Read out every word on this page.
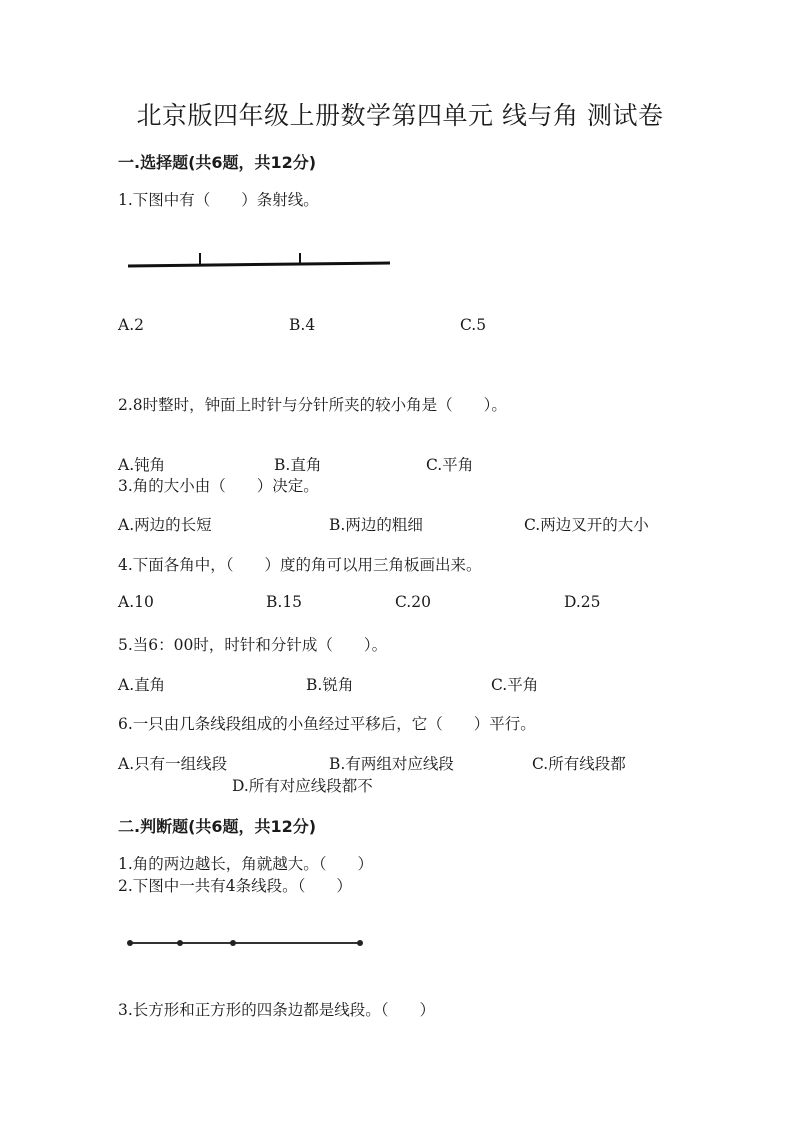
北京版四年级上册数学第四单元 线与角 测试卷
一.选择题(共6题，共12分)
1.下图中有（　　）条射线。
A.2	B.4	C.5
2.8时整时，钟面上时针与分针所夹的较小角是（　　）。
A.钝角	B.直角	C.平角
3.角的大小由（　　）决定。
A.两边的长短	B.两边的粗细	C.两边叉开的大小
4.下面各角中，（　　）度的角可以用三角板画出来。
A.10	B.15	C.20	D.25
5.当6：00时，时针和分针成（　　）。
A.直角	B.锐角	C.平角
6.一只由几条线段组成的小鱼经过平移后，它（　　）平行。
A.只有一组线段	B.有两组对应线段	C.所有线段都
D.所有对应线段都不
二.判断题(共6题，共12分)
1.角的两边越长，角就越大。（　　）
2.下图中一共有4条线段。（　　）
3.长方形和正方形的四条边都是线段。（　　）
